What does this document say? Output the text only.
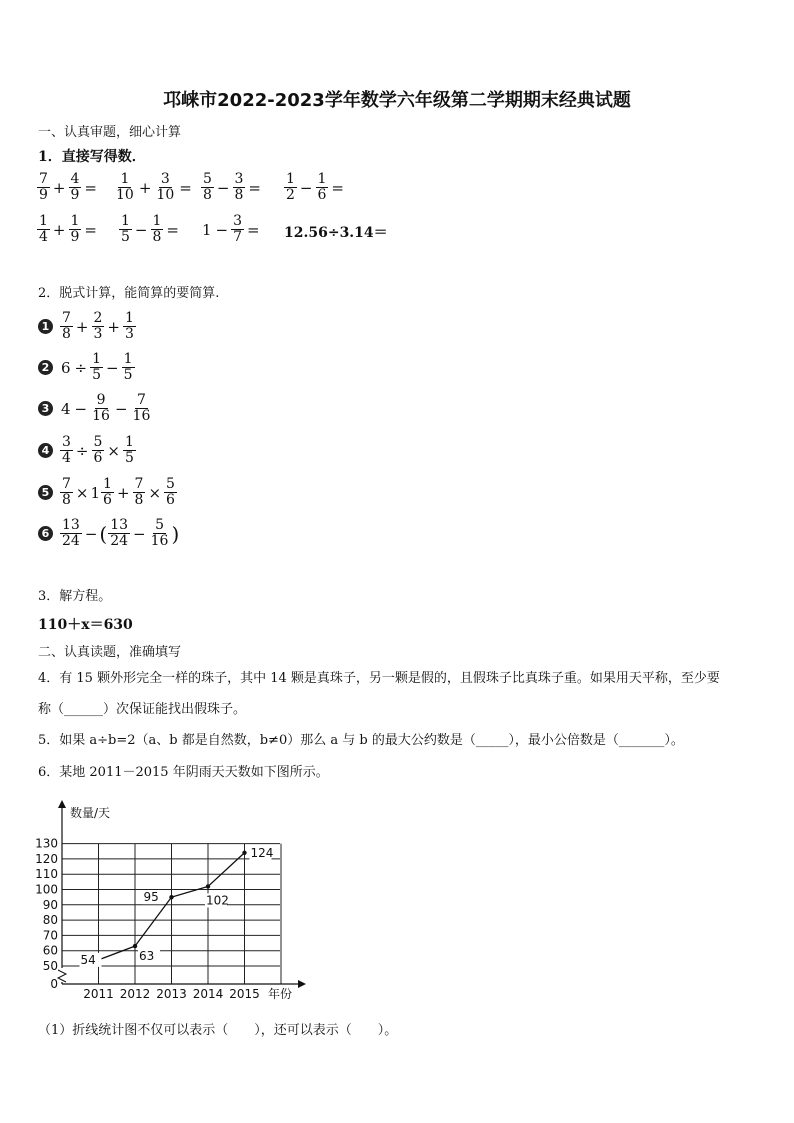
邛崃市2022-2023学年数学六年级第二学期期末经典试题
一、认真审题，细心计算
1．直接写得数．
$\frac{7}{9} + \frac{4}{9} = \frac{1}{10} + \frac{3}{10} = \frac{5}{8} - \frac{3}{8} = \frac{1}{2} - \frac{1}{6}$ =
$\frac{1}{4} + \frac{1}{9} = \frac{1}{5} - \frac{1}{8} = 1 - \frac{3}{7} = 12.56\div 3.14=$
2．脱式计算，能简算的要简算.
$1 \frac{7}{8} + \frac{2}{3} + \frac{1}{3}$
2 $6 \div \frac{1}{5} - \frac{1}{5}$
3 $4 - \frac{9}{16} - \frac{7}{16}$
$4 \frac{3}{4} \div \frac{5}{6} \times \frac{1}{5}$
$5 \frac{7}{8} \times 1 \frac{1}{6} + \frac{7}{8} \times \frac{5}{6}$
$6 \frac{13}{24}$ − ( $\frac{13}{24} - \frac{5}{16}$ )
3．解方程。
110＋x＝630
二、认真读题，准确填写
4．有 15 颗外形完全一样的珠子，其中 14 颗是真珠子，另一颗是假的，且假珠子比真珠子重。如果用天平称，至少要
称（______）次保证能找出假珠子。
5．如果 a÷b=2（a、b 都是自然数，b≠0）那么 a 与 b 的最大公约数是（_____），最小公倍数是（_______）。
6．某地 2011－2015 年阴雨天天数如下图所示。
0
50
60
70
80
90
100
110
120
130
数量/天
2011 2012 2013 2014 2015 年份
54	63
95	102
124
（1）折线统计图不仅可以表示（　　），还可以表示（　　）。
